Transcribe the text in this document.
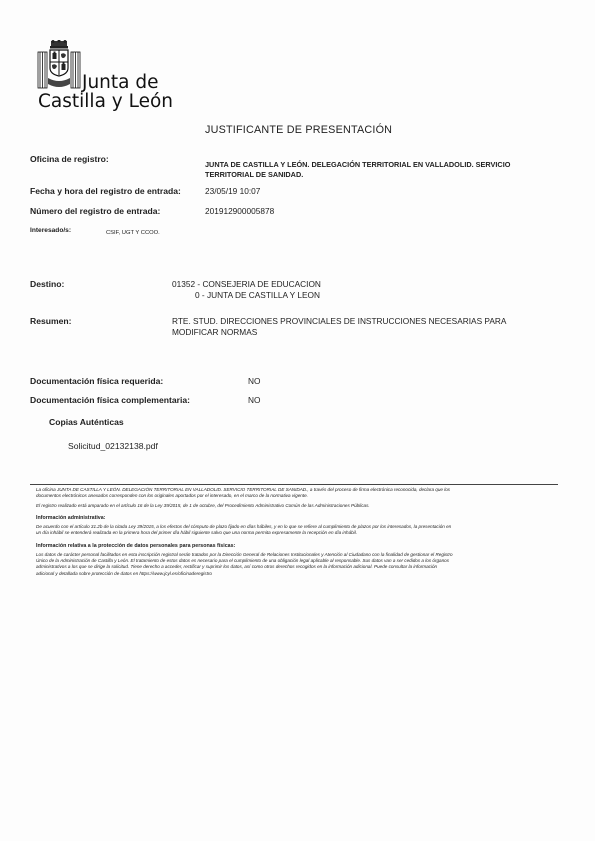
Junta de
Castilla y León
JUSTIFICANTE DE PRESENTACIÓN
Oficina de registro:
JUNTA DE CASTILLA Y LEÓN. DELEGACIÓN TERRITORIAL EN VALLADOLID. SERVICIO
TERRITORIAL DE SANIDAD.
Fecha y hora del registro de entrada:	23/05/19 10:07
Número del registro de entrada:	201912900005878
Interesado/s:	CSIF, UGT Y CCOO.
Destino:	01352 - CONSEJERIA DE EDUCACION
0 - JUNTA DE CASTILLA Y LEON
Resumen:	RTE. STUD. DIRECCIONES PROVINCIALES DE INSTRUCCIONES NECESARIAS PARA
MODIFICAR NORMAS
Documentación física requerida:	NO
Documentación física complementaria:	NO
Copias Auténticas
Solicitud_02132138.pdf
La oficina JUNTA DE CASTILLA Y LEÓN. DELEGACIÓN TERRITORIAL EN VALLADOLID. SERVICIO TERRITORIAL DE SANIDAD., a través del proceso de firma electrónica reconocida, declara que los
documentos electrónicos anexados corresponden con los originales aportados por el interesado, en el marco de la normativa vigente.
El registro realizado está amparado en el artículo 16 de la Ley 39/2015, de 1 de octubre, del Procedimiento Administrativo Común de las Administraciones Públicas.
Información administrativa:
De acuerdo con el artículo 31.2b de la citada Ley 39/2015, a los efectos del cómputo de plazo fijado en días hábiles, y en lo que se refiere al cumplimiento de plazos por los interesados, la presentación en
un día inhábil se entenderá realizada en la primera hora del primer día hábil siguiente salvo que una norma permita expresamente la recepción en día inhábil.
Información relativa a la protección de datos personales para personas físicas:
Los datos de carácter personal facilitados en esta inscripción registral serán tratados por la Dirección General de Relaciones Institucionales y Atención al Ciudadano con la finalidad de gestionar el Registro
Único de la Administración de Castilla y León. El tratamiento de estos datos es necesario para el cumplimiento de una obligación legal aplicable al responsable. Sus datos van a ser cedidos a los órganos
administrativos a los que se dirige la solicitud. Tiene derecho a acceder, rectificar y suprimir los datos, así como otros derechos recogidos en la información adicional. Puede consultar la información
adicional y detallada sobre protección de datos en https://www.jcyl.es/oficinaderegistro
